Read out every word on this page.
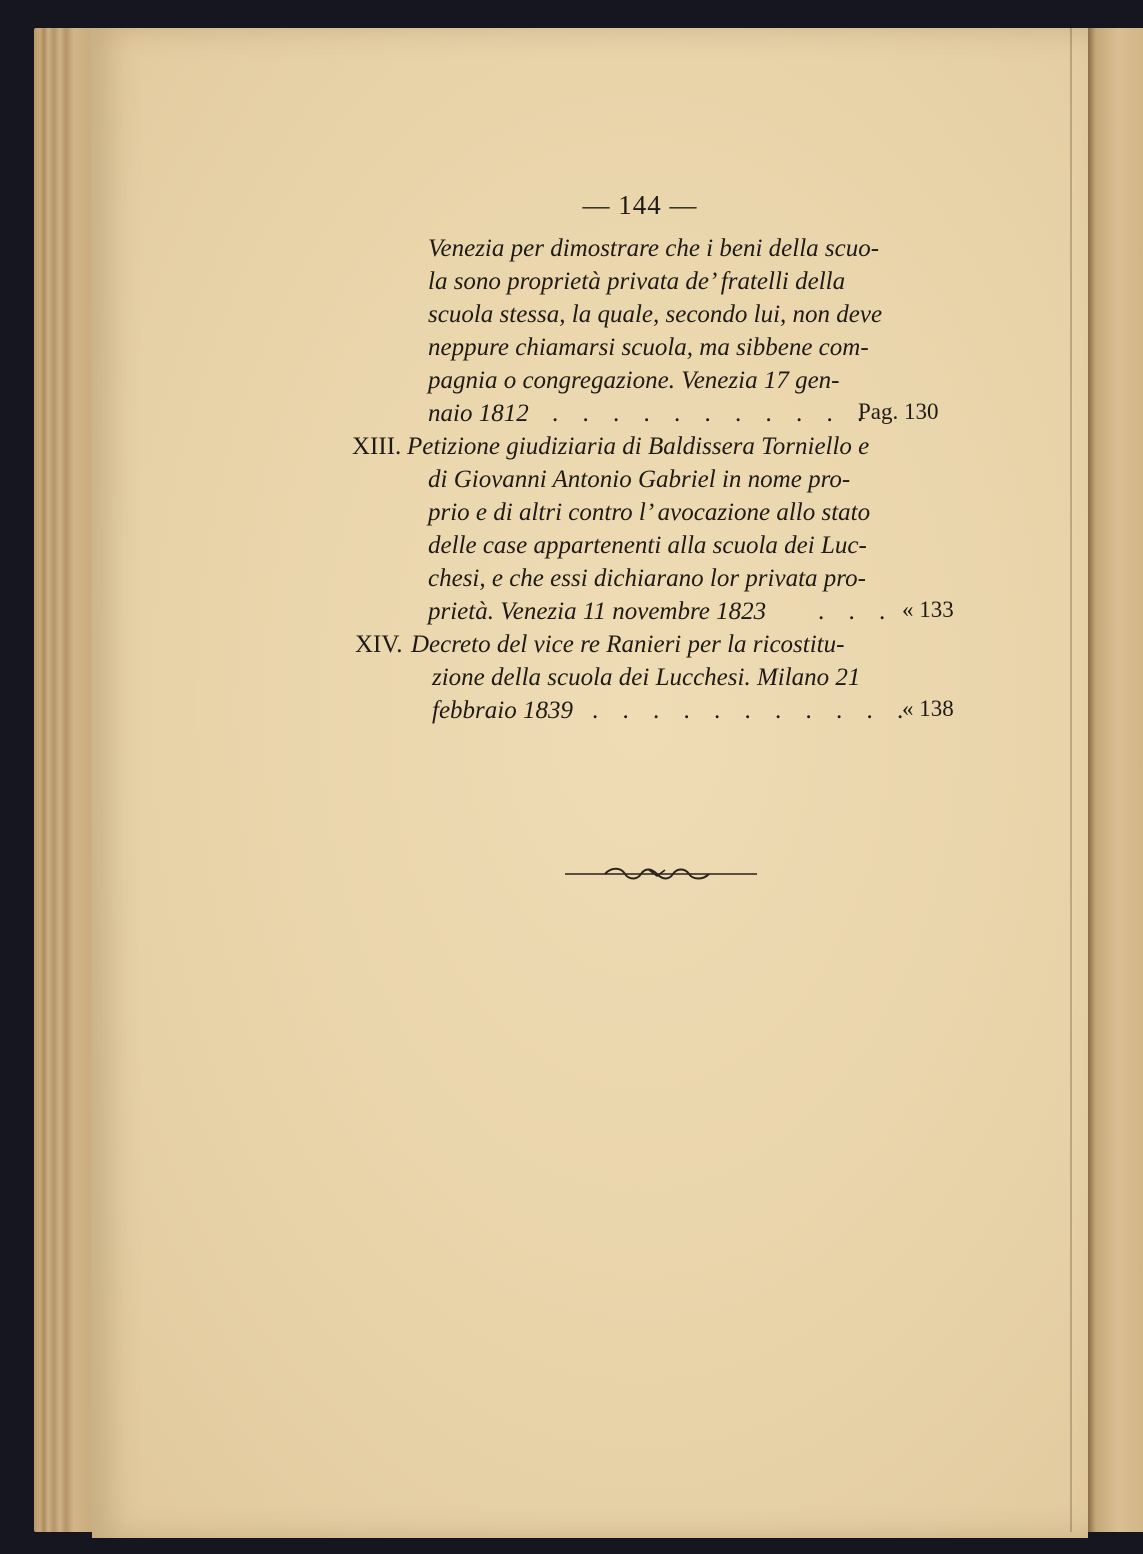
— 144 —
Venezia per dimostrare che i beni della scuo-
la sono proprietà privata de’ fratelli della
scuola stessa, la quale, secondo lui, non deve
neppure chiamarsi scuola, ma sibbene com-
pagnia o congregazione. Venezia 17 gen-
naio 1812 . . . . . . . . . . .
Pag. 130
XIII. Petizione giudiziaria di Baldissera Torniello e
di Giovanni Antonio Gabriel in nome pro-
prio e di altri contro l’ avocazione allo stato
delle case appartenenti alla scuola dei Luc-
chesi, e che essi dichiarano lor privata pro-
prietà. Venezia 11 novembre 1823 . . . « 133
XIV. Decreto del vice re Ranieri per la ricostitu-
zione della scuola dei Lucchesi. Milano 21
febbraio 1839 . . . . . . . . . . .
« 138
